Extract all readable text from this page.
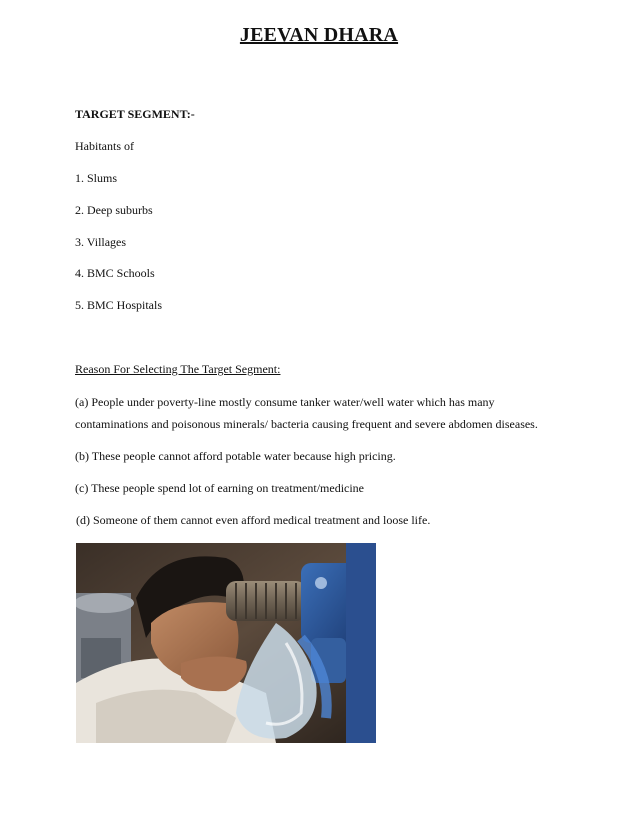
JEEVAN DHARA
TARGET SEGMENT:-
Habitants of
1. Slums
2. Deep suburbs
3. Villages
4. BMC Schools
5. BMC Hospitals
Reason For Selecting The Target Segment:
(a) People under poverty-line mostly consume tanker water/well water which has many
contaminations and poisonous minerals/ bacteria causing frequent and severe abdomen diseases.
(b) These people cannot afford potable water because high pricing.
(c) These people spend lot of earning on treatment/medicine
(d) Someone of them cannot even afford medical treatment and loose life.
